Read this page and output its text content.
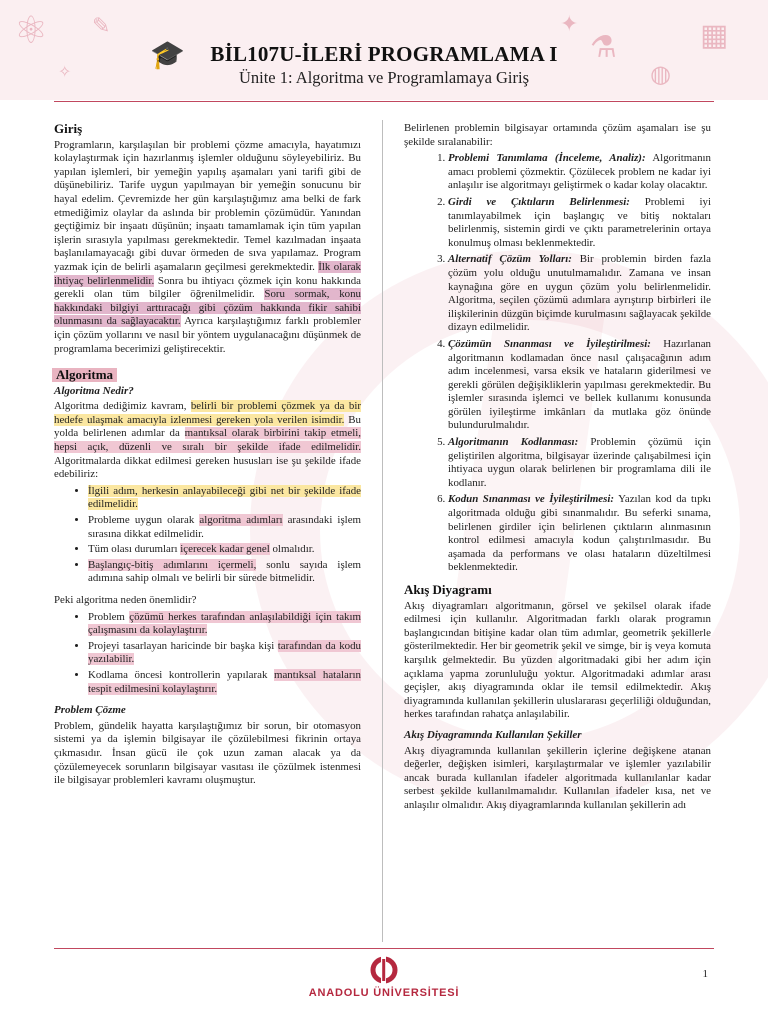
⚛ ✎
🎓
✦
⚗	▦
◍
✧
BİL107U-İLERİ PROGRAMLAMA I
Ünite 1: Algoritma ve Programlamaya Giriş
Giriş

Programların, karşılaşılan bir problemi çözme amacıyla, hayatımızı kolaylaştırmak için hazırlanmış işlemler olduğunu söyleyebiliriz. Bu yapılan işlemleri, bir yemeğin yapılış aşamaları yani tarifi gibi de düşünebiliriz. Tarife uygun yapılmayan bir yemeğin sonucunu bir hayal edelim. Çevremizde her gün karşılaştığımız ama belki de fark etmediğimiz olaylar da aslında bir problemin çözümüdür. Yanından geçtiğimiz bir inşaatı düşünün; inşaatı tamamlamak için tüm yapılan işlerin sırasıyla yapılması gerekmektedir. Temel kazılmadan inşaata başlanılamayacağı gibi duvar örmeden de sıva yapılamaz. Program yazmak için de belirli aşamaların geçilmesi gerekmektedir. İlk olarak ihtiyaç belirlenmelidir. Sonra bu ihtiyacı çözmek için konu hakkında gerekli olan tüm bilgiler öğrenilmelidir. Soru sormak, konu hakkındaki bilgiyi arttıracağı gibi çözüm hakkında fikir sahibi olunmasını da sağlayacaktır. Ayrıca karşılaştığımız farklı problemler için çözüm yollarını ve nasıl bir yöntem uygulanacağını düşünmek de programlama becerimizi geliştirecektir.

Algoritma
Algoritma Nedir?

Algoritma dediğimiz kavram, belirli bir problemi çözmek ya da bir hedefe ulaşmak amacıyla izlenmesi gereken yola verilen isimdir. Bu yolda belirlenen adımlar da mantıksal olarak birbirini takip etmeli, hepsi açık, düzenli ve sıralı bir şekilde ifade edilmelidir. Algoritmalarda dikkat edilmesi gereken hususları ise şu şekilde ifade edebiliriz:

• İlgili adım, herkesin anlayabileceği gibi net bir şekilde ifade edilmelidir.
• Probleme uygun olarak algoritma adımları arasındaki işlem sırasına dikkat edilmelidir.
• Tüm olası durumları içerecek kadar genel olmalıdır.
• Başlangıç-bitiş adımlarını içermeli, sonlu sayıda işlem adımına sahip olmalı ve belirli bir sürede bitmelidir.

Peki algoritma neden önemlidir?

• Problem çözümü herkes tarafından anlaşılabildiği için takım çalışmasını da kolaylaştırır.
• Projeyi tasarlayan haricinde bir başka kişi tarafından da kodu yazılabilir.
• Kodlama öncesi kontrollerin yapılarak mantıksal hataların tespit edilmesini kolaylaştırır.
Problem Çözme

Problem, gündelik hayatta karşılaştığımız bir sorun, bir otomasyon sistemi ya da işlemin bilgisayar ile çözülebilmesi fikrinin ortaya çıkmasıdır. İnsan gücü ile çok uzun zaman alacak ya da çözülemeyecek sorunların bilgisayar vasıtası ile çözülmek istenmesi ile bilgisayar problemleri kavramı oluşmuştur.

Belirlenen problemin bilgisayar ortamında çözüm aşamaları ise şu şekilde sıralanabilir:

1. Problemi Tanımlama (İnceleme, Analiz): Algoritmanın amacı problemi çözmektir. Çözülecek problem ne kadar iyi anlaşılır ise algoritmayı geliştirmek o kadar kolay olacaktır.
2. Girdi ve Çıktıların Belirlenmesi: Problemi iyi tanımlayabilmek için başlangıç ve bitiş noktaları belirlenmiş, sistemin girdi ve çıktı parametrelerinin ortaya konulmuş olması beklenmektedir.
3. Alternatif Çözüm Yolları: Bir problemin birden fazla çözüm yolu olduğu unutulmamalıdır. Zamana ve insan kaynağına göre en uygun çözüm yolu belirlenmelidir. Algoritma, seçilen çözümü adımlara ayrıştırıp birbirleri ile ilişkilerinin düzgün biçimde kurulmasını sağlayacak şekilde dizayn edilmelidir.
4. Çözümün Sınanması ve İyileştirilmesi: Hazırlanan algoritmanın kodlamadan önce nasıl çalışacağının adım adım incelenmesi, varsa eksik ve hataların giderilmesi ve gerekli görülen değişikliklerin yapılması gerekmektedir. Bu işlemler sırasında işlemci ve bellek kullanımı konusunda görülen iyileştirme imkânları da mutlaka göz önünde bulundurulmalıdır.
5. Algoritmanın Kodlanması: Problemin çözümü için geliştirilen algoritma, bilgisayar üzerinde çalışabilmesi için ihtiyaca uygun olarak belirlenen bir programlama dili ile kodlanır.
6. Kodun Sınanması ve İyileştirilmesi: Yazılan kod da tıpkı algoritmada olduğu gibi sınanmalıdır. Bu seferki sınama, belirlenen girdiler için belirlenen çıktıların alınmasının kontrol edilmesi amacıyla kodun çalıştırılmasıdır. Bu aşamada da performans ve olası hataların düzeltilmesi beklenmektedir.
Akış Diyagramı

Akış diyagramları algoritmanın, görsel ve şekilsel olarak ifade edilmesi için kullanılır. Algoritmadan farklı olarak programın başlangıcından bitişine kadar olan tüm adımlar, geometrik şekillerle gösterilmektedir. Her bir geometrik şekil ve simge, bir iş veya komuta karşılık gelmektedir. Bu yüzden algoritmadaki gibi her adım için açıklama yapma zorunluluğu yoktur. Algoritmadaki adımlar arası geçişler, akış diyagramında oklar ile temsil edilmektedir. Akış diyagramında kullanılan şekillerin uluslararası geçerliliği olduğundan, herkes tarafından rahatça anlaşılabilir.

Akış Diyagramında Kullanılan Şekiller

Akış diyagramında kullanılan şekillerin içlerine değişkene atanan değerler, değişken isimleri, karşılaştırmalar ve işlemler yazılabilir ancak burada kullanılan ifadeler algoritmada kullanılanlar kadar serbest şekilde kullanılmamalıdır. Kullanılan ifadeler kısa, net ve anlaşılır olmalıdır. Akış diyagramlarında kullanılan şekillerin adı

1
ANADOLU ÜNİVERSİTESİ
